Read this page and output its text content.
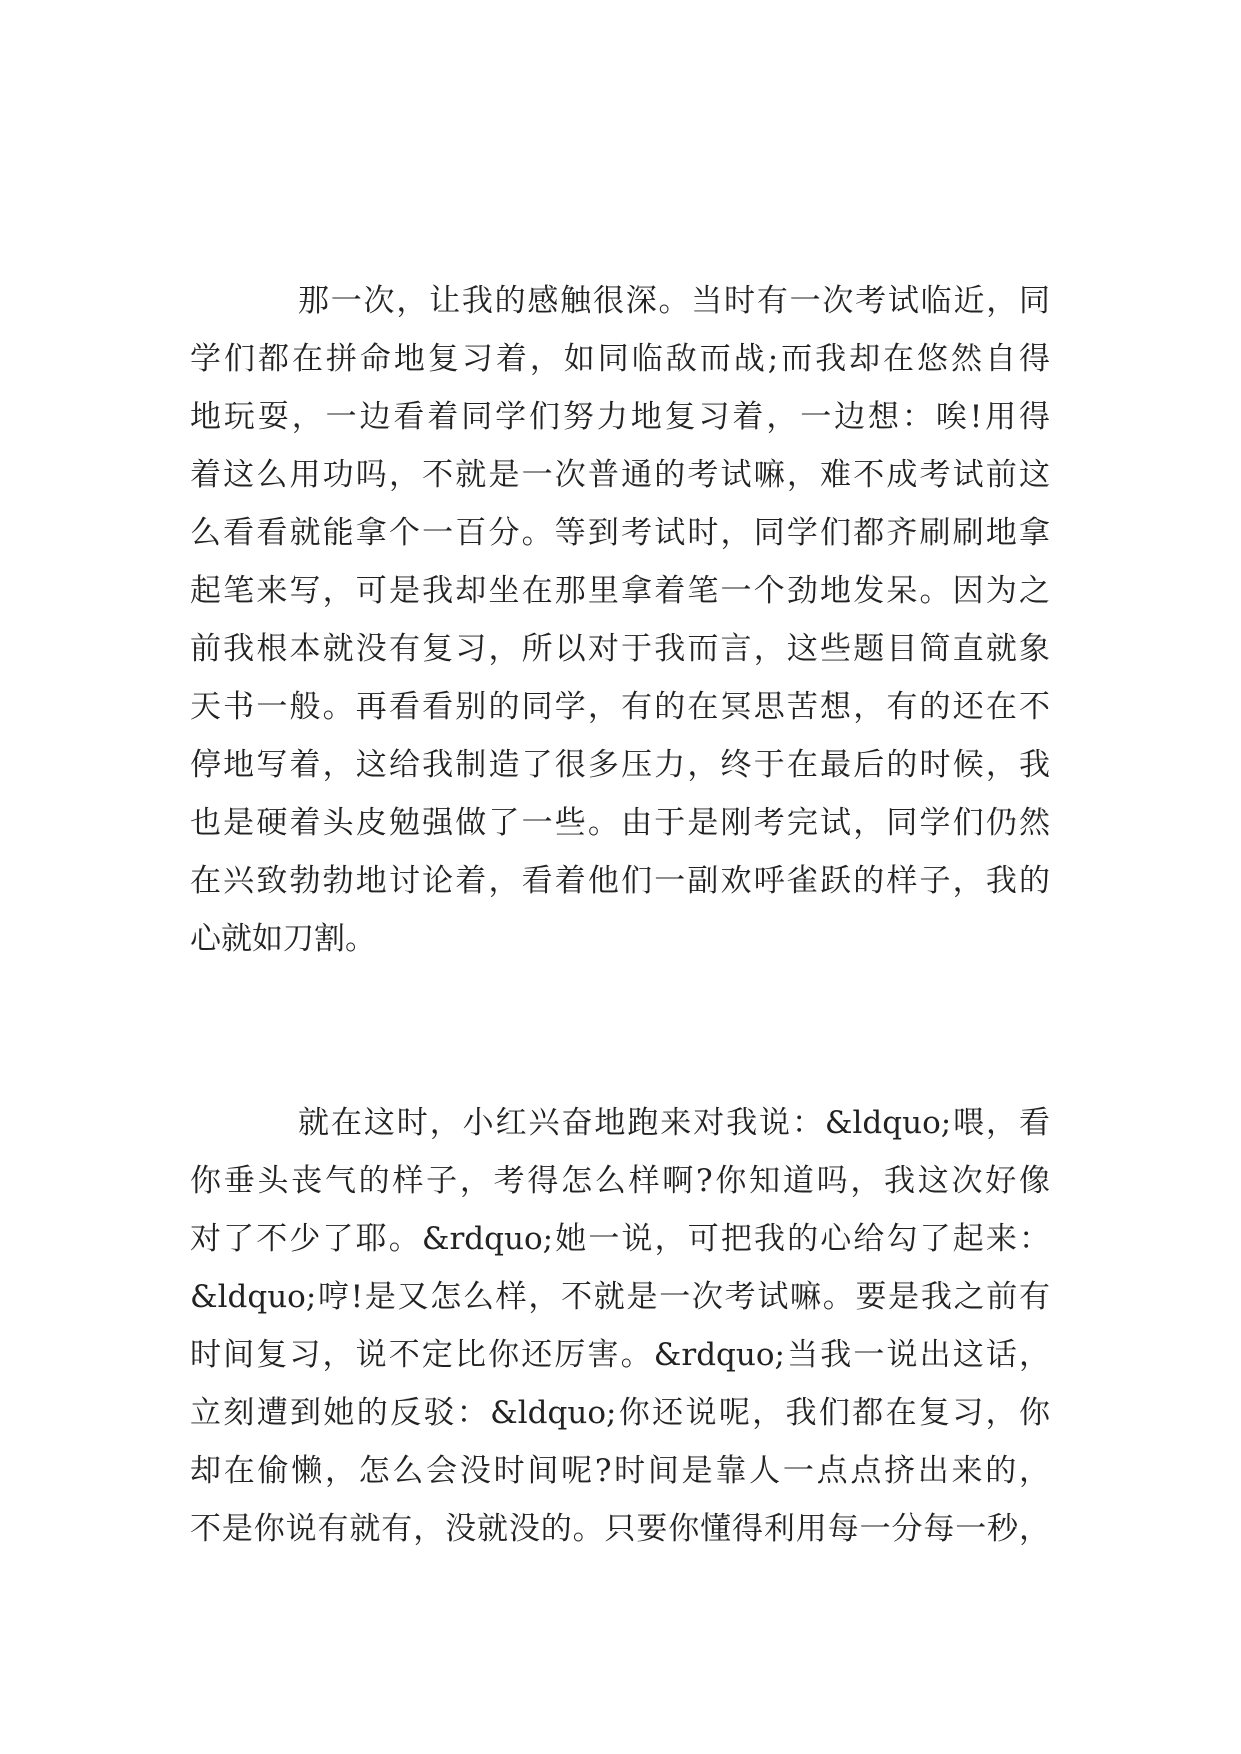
那一次，让我的感触很深。当时有一次考试临近，同
学们都在拼命地复习着，如同临敌而战;而我却在悠然自得
地玩耍，一边看着同学们努力地复习着，一边想：唉!用得
着这么用功吗，不就是一次普通的考试嘛，难不成考试前这
么看看就能拿个一百分。等到考试时，同学们都齐刷刷地拿
起笔来写，可是我却坐在那里拿着笔一个劲地发呆。因为之
前我根本就没有复习，所以对于我而言，这些题目简直就象
天书一般。再看看别的同学，有的在冥思苦想，有的还在不
停地写着，这给我制造了很多压力，终于在最后的时候，我
也是硬着头皮勉强做了一些。由于是刚考完试，同学们仍然
在兴致勃勃地讨论着，看着他们一副欢呼雀跃的样子，我的
心就如刀割。
就在这时，小红兴奋地跑来对我说：&ldquo;喂，看
你垂头丧气的样子，考得怎么样啊?你知道吗，我这次好像
对了不少了耶。&rdquo;她一说，可把我的心给勾了起来：
&ldquo;哼!是又怎么样，不就是一次考试嘛。要是我之前有
时间复习，说不定比你还厉害。&rdquo;当我一说出这话，
立刻遭到她的反驳：&ldquo;你还说呢，我们都在复习，你
却在偷懒，怎么会没时间呢?时间是靠人一点点挤出来的，
不是你说有就有，没就没的。只要你懂得利用每一分每一秒，
